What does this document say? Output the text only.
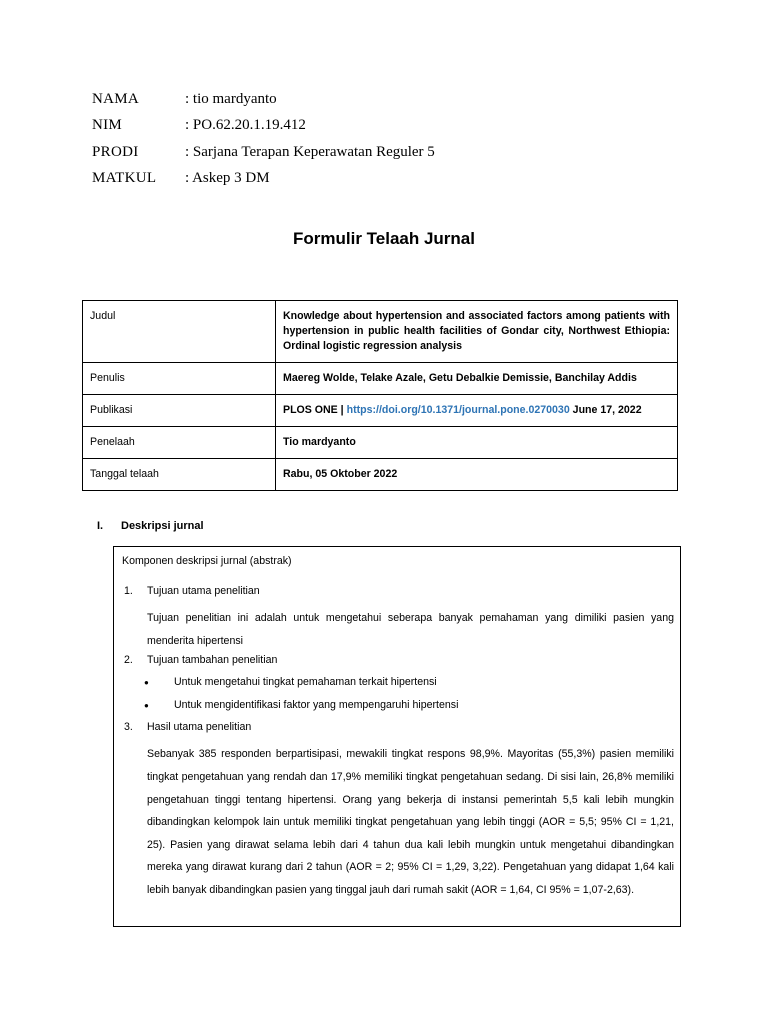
NAMA	: tio mardyanto
NIM	: PO.62.20.1.19.412
PRODI	: Sarjana Terapan Keperawatan Reguler 5
MATKUL	: Askep 3 DM
Formulir Telaah Jurnal
Judul	Knowledge about hypertension and associated factors among patients with hypertension in public health facilities of Gondar city, Northwest Ethiopia: Ordinal logistic regression analysis
Penulis	Maereg Wolde, Telake Azale, Getu Debalkie Demissie, Banchilay Addis
Publikasi	PLOS ONE | https://doi.org/10.1371/journal.pone.0270030 June 17, 2022
Penelaah	Tio mardyanto
Tanggal telaah	Rabu, 05 Oktober 2022
I.	Deskripsi jurnal
Komponen deskripsi jurnal (abstrak)
1.	Tujuan utama penelitian
Tujuan penelitian ini adalah untuk mengetahui seberapa banyak pemahaman yang dimiliki pasien yang menderita hipertensi
2.	Tujuan tambahan penelitian
●	Untuk mengetahui tingkat pemahaman terkait hipertensi
●	Untuk mengidentifikasi faktor yang mempengaruhi hipertensi
3.	Hasil utama penelitian
Sebanyak 385 responden berpartisipasi, mewakili tingkat respons 98,9%. Mayoritas (55,3%) pasien memiliki tingkat pengetahuan yang rendah dan 17,9% memiliki tingkat pengetahuan sedang. Di sisi lain, 26,8% memiliki pengetahuan tinggi tentang hipertensi. Orang yang bekerja di instansi pemerintah 5,5 kali lebih mungkin dibandingkan kelompok lain untuk memiliki tingkat pengetahuan yang lebih tinggi (AOR = 5,5; 95% CI = 1,21, 25). Pasien yang dirawat selama lebih dari 4 tahun dua kali lebih mungkin untuk mengetahui dibandingkan mereka yang dirawat kurang dari 2 tahun (AOR = 2; 95% CI = 1,29, 3,22). Pengetahuan yang didapat 1,64 kali lebih banyak dibandingkan pasien yang tinggal jauh dari rumah sakit (AOR = 1,64, CI 95% = 1,07-2,63).
